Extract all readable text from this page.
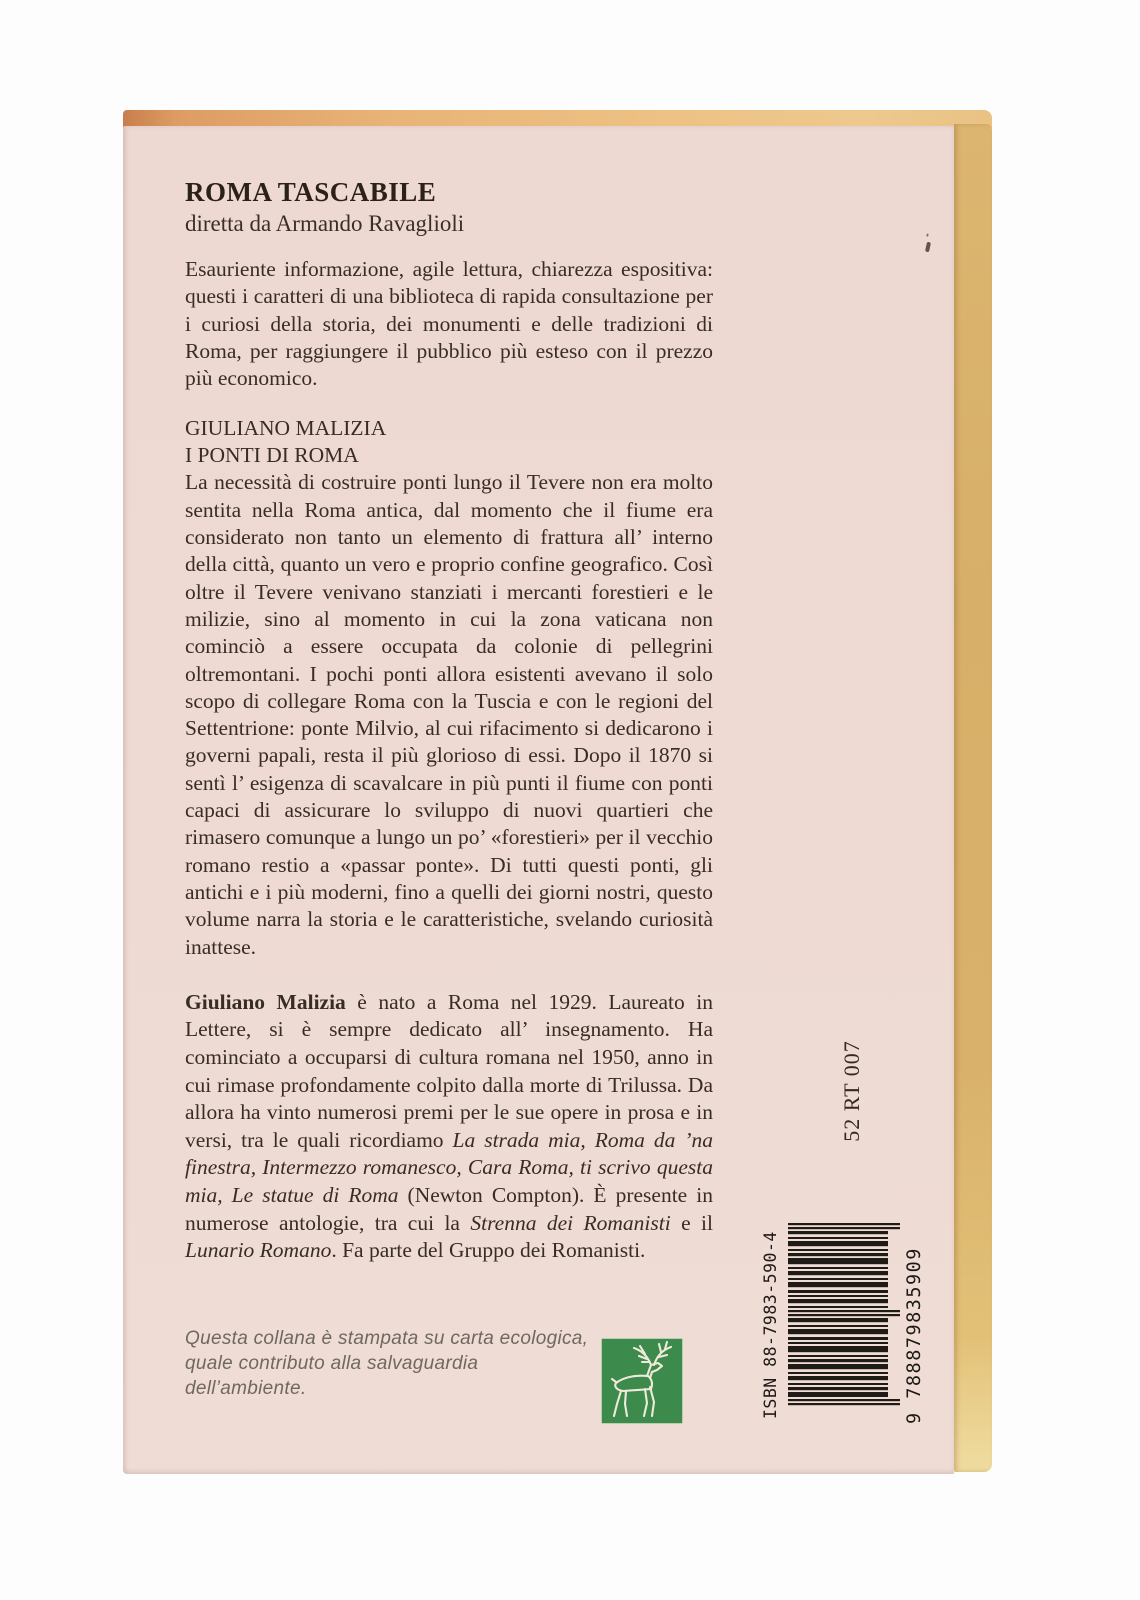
ROMA TASCABILE
diretta da Armando Ravaglioli

Esauriente informazione, agile lettura, chiarezza espositiva: questi i caratteri di una biblioteca di rapida consultazione per i curiosi della storia, dei monumenti e delle tradizioni di Roma, per raggiungere il pubblico più esteso con il prezzo più economico.

GIULIANO MALIZIA
I PONTI DI ROMA

La necessità di costruire ponti lungo il Tevere non era molto sentita nella Roma antica, dal momento che il fiume era considerato non tanto un elemento di frattura all’ interno della città, quanto un vero e proprio confine geografico. Così oltre il Tevere venivano stanziati i mercanti forestieri e le milizie, sino al momento in cui la zona vaticana non cominciò a essere occupata da colonie di pellegrini oltremontani. I pochi ponti allora esistenti avevano il solo scopo di collegare Roma con la Tuscia e con le regioni del Settentrione: ponte Milvio, al cui rifacimento si dedicarono i governi papali, resta il più glorioso di essi. Dopo il 1870 si sentì l’ esigenza di scavalcare in più punti il fiume con ponti capaci di assicurare lo sviluppo di nuovi quartieri che rimasero comunque a lungo un po’ «forestieri» per il vecchio romano restio a «passar ponte». Di tutti questi ponti, gli antichi e i più moderni, fino a quelli dei giorni nostri, questo volume narra la storia e le caratteristiche, svelando curiosità inattese.

Giuliano Malizia è nato a Roma nel 1929. Laureato in Lettere, si è sempre dedicato all’ insegnamento. Ha cominciato a occuparsi di cultura romana nel 1950, anno in cui rimase profondamente colpito dalla morte di Trilussa. Da allora ha vinto numerosi premi per le sue opere in prosa e in versi, tra le quali ricordiamo La strada mia, Roma da ’na finestra, Intermezzo romanesco, Cara Roma, ti scrivo questa mia, Le statue di Roma (Newton Compton). È presente in numerose antologie, tra cui la Strenna dei Romanisti e il Lunario Romano. Fa parte del Gruppo dei Romanisti.

Questa collana è stampata su carta ecologica, quale contributo alla salvaguardia dell’ambiente.
52 RT 007
ISBN 88-7983-590-4	9 788879835909
